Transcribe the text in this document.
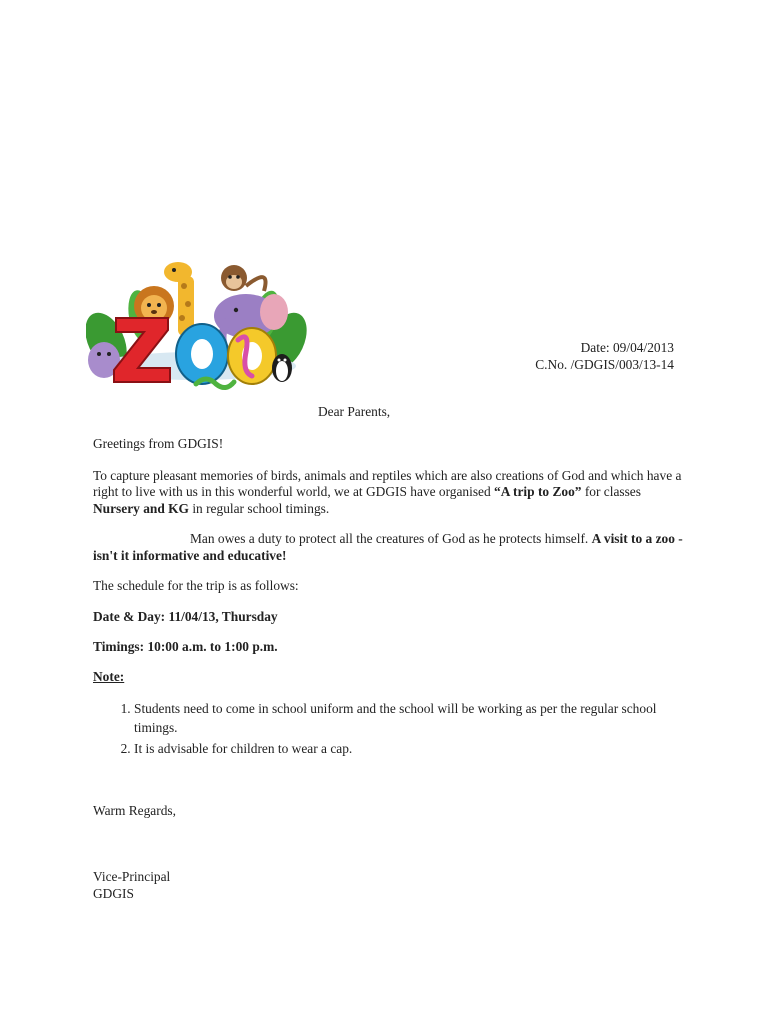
Date: 09/04/2013
C.No. /GDGIS/003/13-14
Dear Parents,

Greetings from GDGIS!

To capture pleasant memories of birds, animals and reptiles which are also creations of God and which have a right to live with us in this wonderful world, we at GDGIS have organised “A trip to Zoo” for classes Nursery and KG in regular school timings.

Man owes a duty to protect all the creatures of God as he protects himself. A visit to a zoo - isn't it informative and educative!

The schedule for the trip is as follows:

Date & Day: 11/04/13, Thursday

Timings: 10:00 a.m. to 1:00 p.m.

Note:

1. Students need to come in school uniform and the school will be working as per the regular school timings.
2. It is advisable for children to wear a cap.
Warm Regards,
Vice-Principal
GDGIS
